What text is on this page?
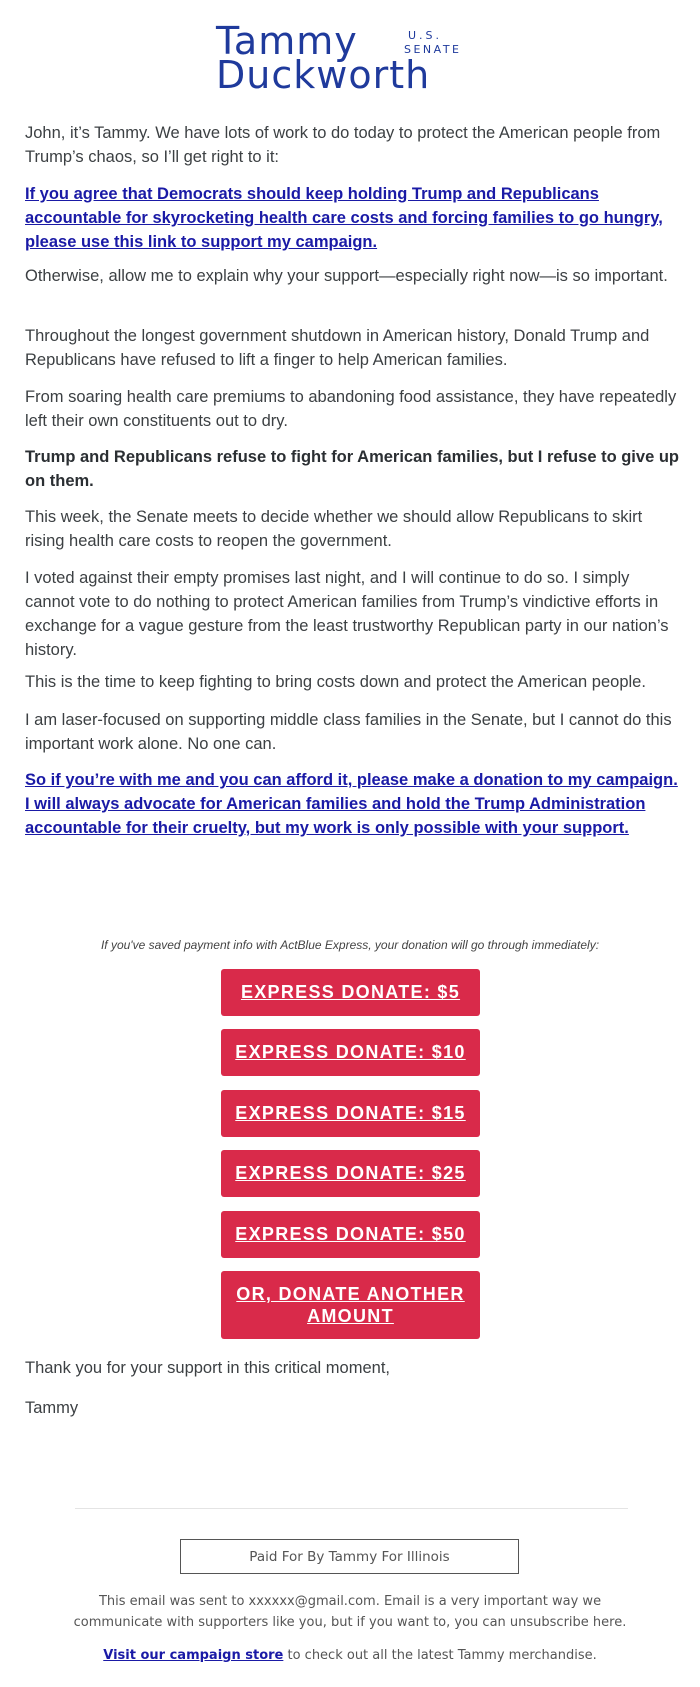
Tammy	U.S.
SENATE
Duckworth

John, it’s Tammy. We have lots of work to do today to protect the American people from Trump’s chaos, so I’ll get right to it:

If you agree that Democrats should keep holding Trump and Republicans accountable for skyrocketing health care costs and forcing families to go hungry, please use this link to support my campaign.

Otherwise, allow me to explain why your support—especially right now—is so important.

Throughout the longest government shutdown in American history, Donald Trump and Republicans have refused to lift a finger to help American families.

From soaring health care premiums to abandoning food assistance, they have repeatedly left their own constituents out to dry.

Trump and Republicans refuse to fight for American families, but I refuse to give up on them.

This week, the Senate meets to decide whether we should allow Republicans to skirt rising health care costs to reopen the government.

I voted against their empty promises last night, and I will continue to do so. I simply cannot vote to do nothing to protect American families from Trump’s vindictive efforts in exchange for a vague gesture from the least trustworthy Republican party in our nation’s history.

This is the time to keep fighting to bring costs down and protect the American people.

I am laser-focused on supporting middle class families in the Senate, but I cannot do this important work alone. No one can.

So if you’re with me and you can afford it, please make a donation to my campaign. I will always advocate for American families and hold the Trump Administration accountable for their cruelty, but my work is only possible with your support.

If you've saved payment info with ActBlue Express, your donation will go through immediately:
EXPRESS DONATE: $5
EXPRESS DONATE: $10
EXPRESS DONATE: $15
EXPRESS DONATE: $25
EXPRESS DONATE: $50
OR, DONATE ANOTHER AMOUNT

Thank you for your support in this critical moment,

Tammy

Paid For By Tammy For Illinois
This email was sent to xxxxxx@gmail.com. Email is a very important way we communicate with supporters like you, but if you want to, you can unsubscribe here.
Visit our campaign store to check out all the latest Tammy merchandise.
